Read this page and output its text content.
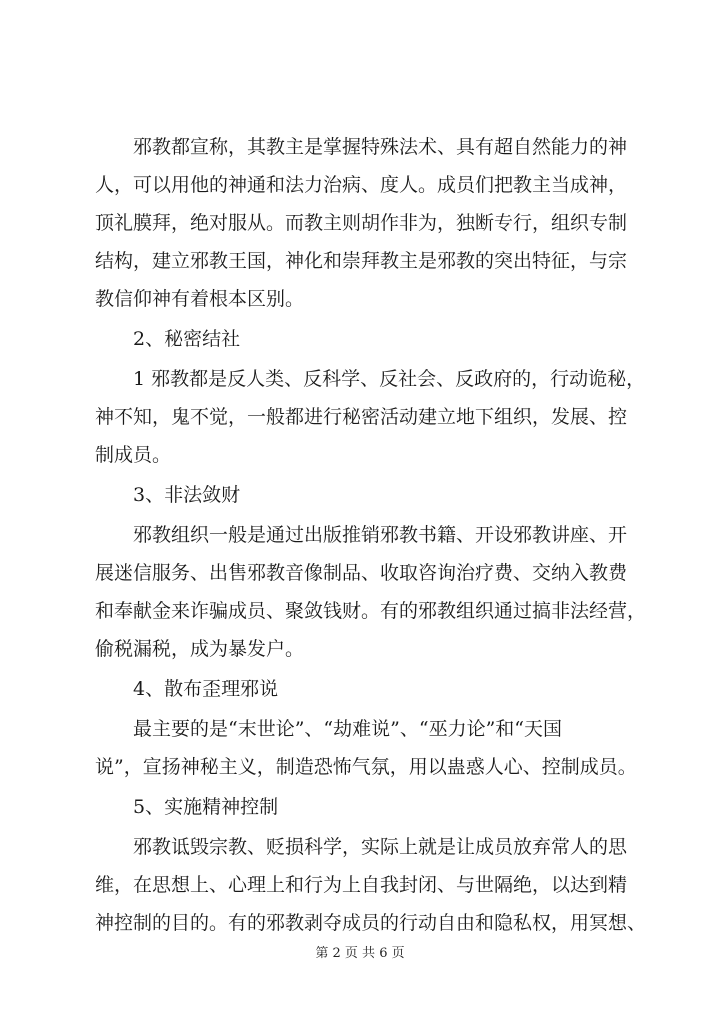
邪教都宣称，其教主是掌握特殊法术、具有超自然能力的神
人，可以用他的神通和法力治病、度人。成员们把教主当成神，
顶礼膜拜，绝对服从。而教主则胡作非为，独断专行，组织专制
结构，建立邪教王国，神化和崇拜教主是邪教的突出特征，与宗
教信仰神有着根本区别。
2、秘密结社
1 邪教都是反人类、反科学、反社会、反政府的，行动诡秘，
神不知，鬼不觉，一般都进行秘密活动建立地下组织，发展、控
制成员。
3、非法敛财
邪教组织一般是通过出版推销邪教书籍、开设邪教讲座、开
展迷信服务、出售邪教音像制品、收取咨询治疗费、交纳入教费
和奉献金来诈骗成员、聚敛钱财。有的邪教组织通过搞非法经营，
偷税漏税，成为暴发户。
4、散布歪理邪说
最主要的是“末世论”、“劫难说”、“巫力论”和“天国
说”，宣扬神秘主义，制造恐怖气氛，用以蛊惑人心、控制成员。
5、实施精神控制
邪教诋毁宗教、贬损科学，实际上就是让成员放弃常人的思
维，在思想上、心理上和行为上自我封闭、与世隔绝，以达到精
神控制的目的。有的邪教剥夺成员的行动自由和隐私权，用冥想、
第 2 页 共 6 页
